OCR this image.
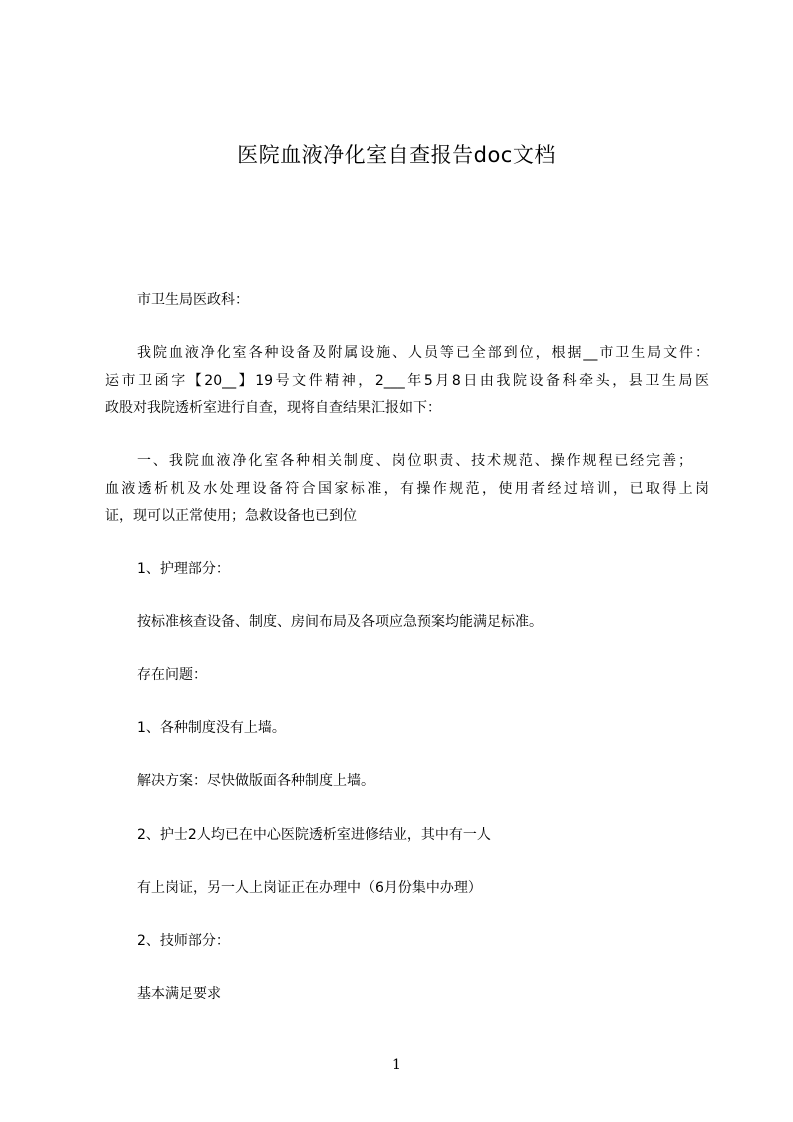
医院血液净化室自查报告doc文档
市卫生局医政科：
我院血液净化室各种设备及附属设施、人员等已全部到位，根据__市卫生局文件：
运市卫函字【20__】19号文件精神，2___年5月8日由我院设备科牵头，县卫生局医
政股对我院透析室进行自查，现将自查结果汇报如下：
一、我院血液净化室各种相关制度、岗位职责、技术规范、操作规程已经完善；
血液透析机及水处理设备符合国家标准，有操作规范，使用者经过培训，已取得上岗
证，现可以正常使用；急救设备也已到位
1、护理部分：
按标准核查设备、制度、房间布局及各项应急预案均能满足标准。
存在问题：
1、各种制度没有上墙。
解决方案：尽快做版面各种制度上墙。
2、护士2人均已在中心医院透析室进修结业，其中有一人
有上岗证，另一人上岗证正在办理中（6月份集中办理）
2、技师部分：
基本满足要求
1
